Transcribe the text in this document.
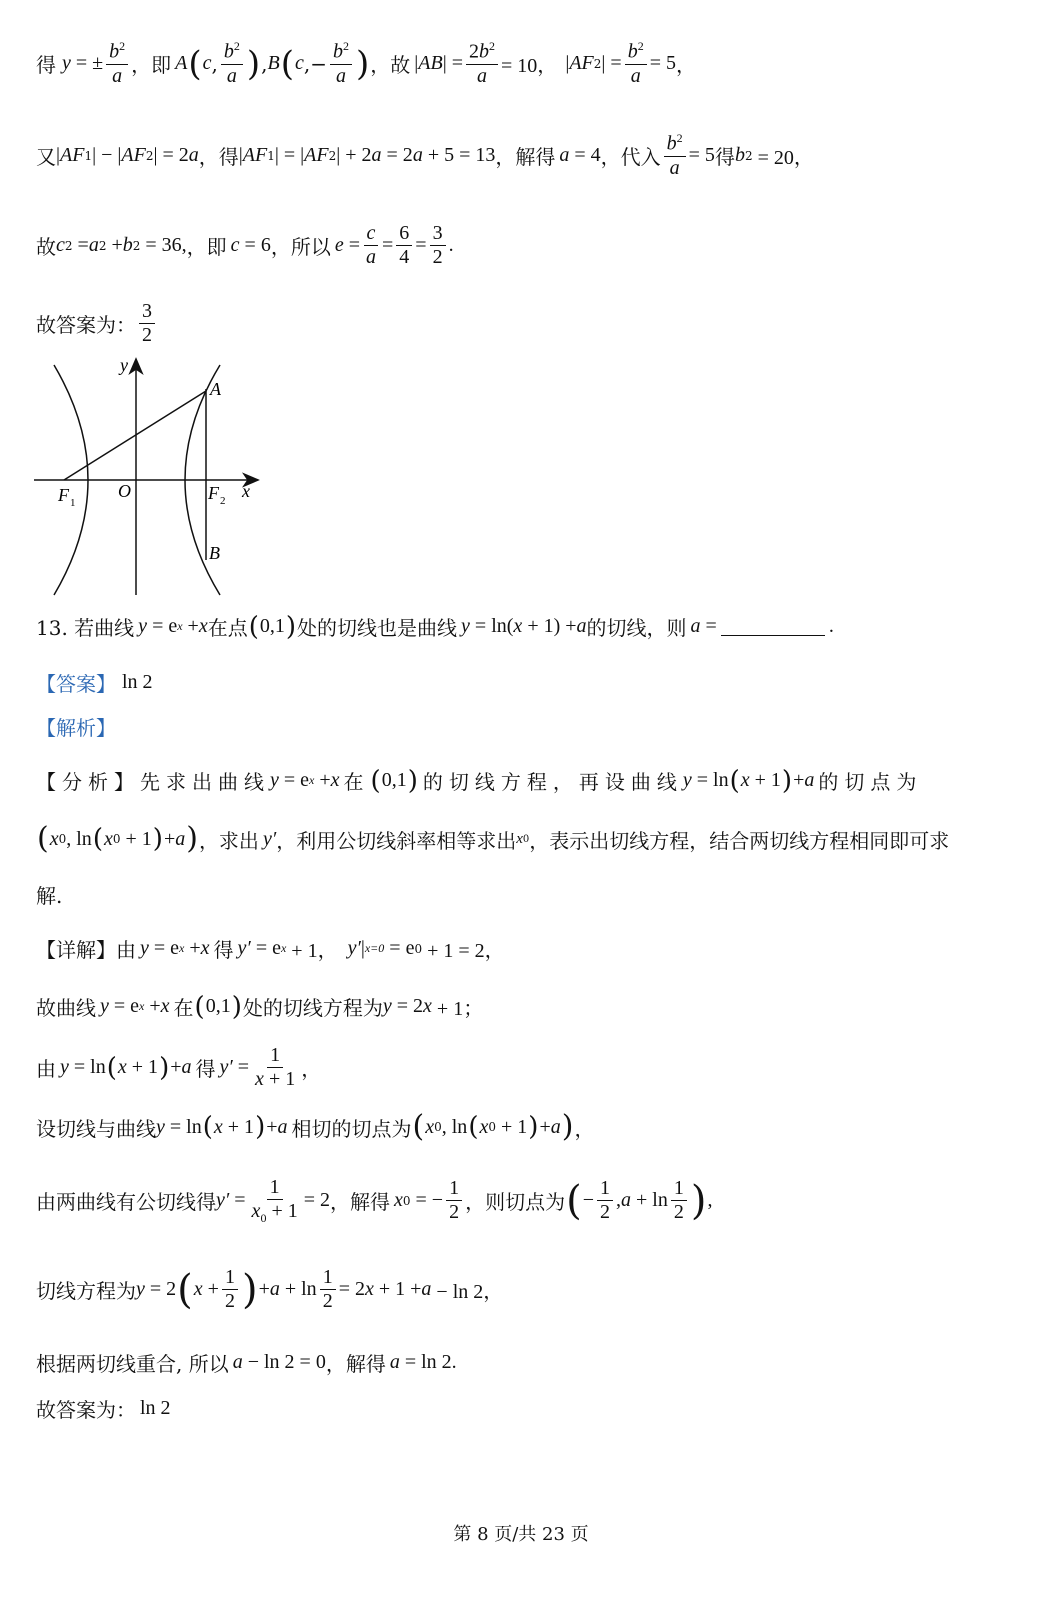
得 y = ± $\frac{b^2}{a}$ ，即 A ( c , $\frac{b^2}{a}$ ) , B ( c ,− $\frac{b^2}{a}$ ) ，故 | AB | = $\frac{2b^2}{a} = 10$， | AF 2 | = $\frac{b^2}{a} = 5$ ，
又 | AF 1 | − | AF 2 | = 2 a ，得 | AF 1 | = | AF 2 | + 2 a = 2 a + 5 = 13 ，解得 a = 4 ，代入 $\frac{b^2}{a} = 5$ 得 b 2 = 20，
故 c 2 = a 2 + b 2 = 36, ，即 c = 6 ，所以 $e = \frac{c}{a} = \frac{6}{4} = \frac{3}{2}$ .
故答案为： $\frac{3}{2}$
y
A
F 1
O	F 2 x
B
13. 若曲线 y = e x + x 在点 ( 0,1 ) 处的切线也是曲线 y = ln( x + 1) + a 的切线，则 a =	.
【答案】 ln 2
【解析】
【分析】先求出曲线 y = e x + x 在 ( 0,1 ) 的切线方程，再设曲线 y = ln ( x + 1 ) + a 的切点为
( x 0 , ln ( x 0 + 1 ) + a ) ，求出 y′ ，利用公切线斜率相等求出 x 0 ，表示出切线方程，结合两切线方程相同即可求
解.
【详解】由 y = e x + x 得 y′ = e x + 1， y′ | x=0 = e 0 + 1 = 2，
故曲线 y = e x + x 在 ( 0,1 ) 处的切线方程为 y = 2 x + 1；
由 y = ln ( x + 1 ) + a 得 $y' = \frac{1}{x + 1}$ ，
设切线与曲线 y = ln ( x + 1 ) + a 相切的切点为 ( x 0 , ln ( x 0 + 1 ) + a ) ，
由两曲线有公切线得 $y' = \frac{1}{x_0 + 1} = 2$ ，解得 x 0 = − $\frac{1}{2}$ ，则切点为 ( − $\frac{1}{2}$ , $a + \ln \frac{1}{2}$ ) ,
切线方程为 y = 2 ( $x + \frac{1}{2}$ ) + $a + \ln \frac{1}{2} = 2$ x + 1 + a − ln 2，
根据两切线重合, 所以 a − ln 2 = 0 ，解得 a = ln 2.
故答案为： ln 2
第 8 页/共 23 页
